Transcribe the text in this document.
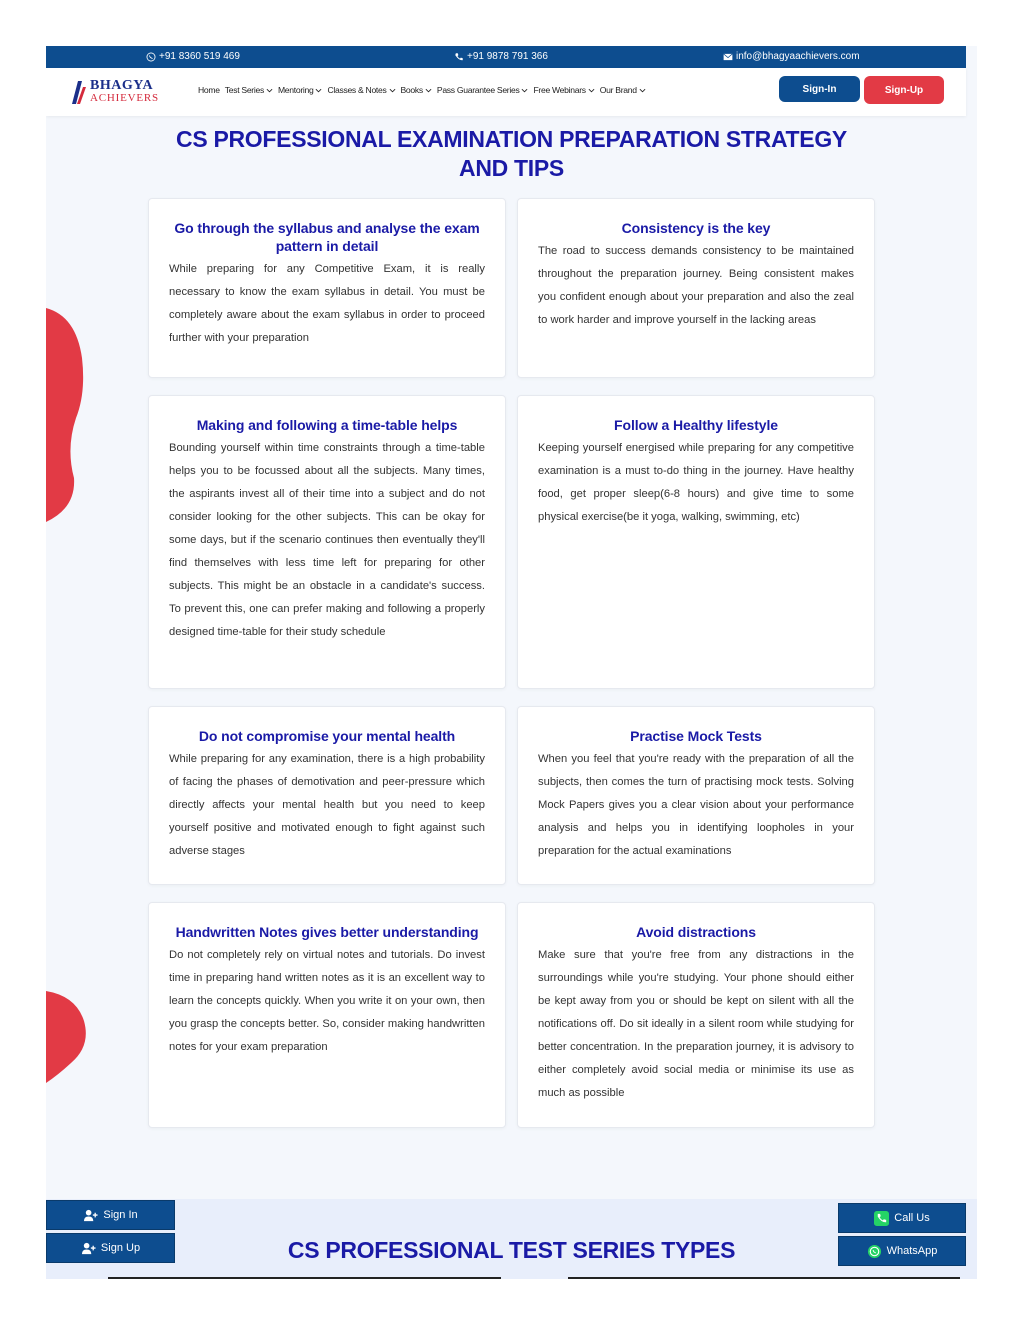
+91 8360 519 469	+91 9878 791 366	info@bhagyaachievers.com
BHAGYA
ACHIEVERS
Home Test Series Mentoring Classes & Notes Books Pass Guarantee Series Free Webinars Our Brand	Sign-In	Sign-Up
CS PROFESSIONAL EXAMINATION PREPARATION STRATEGY
AND TIPS
Go through the syllabus and analyse the exam pattern in detail

While preparing for any Competitive Exam, it is really necessary to know the exam syllabus in detail. You must be completely aware about the exam syllabus in order to proceed further with your preparation

Consistency is the key

The road to success demands consistency to be maintained throughout the preparation journey. Being consistent makes you confident enough about your preparation and also the zeal to work harder and improve yourself in the lacking areas

Making and following a time-table helps

Bounding yourself within time constraints through a time-table helps you to be focussed about all the subjects. Many times, the aspirants invest all of their time into a subject and do not consider looking for the other subjects. This can be okay for some days, but if the scenario continues then eventually they'll find themselves with less time left for preparing for other subjects. This might be an obstacle in a candidate's success. To prevent this, one can prefer making and following a properly designed time-table for their study schedule

Follow a Healthy lifestyle

Keeping yourself energised while preparing for any competitive examination is a must to-do thing in the journey. Have healthy food, get proper sleep(6-8 hours) and give time to some physical exercise(be it yoga, walking, swimming, etc)

Do not compromise your mental health

While preparing for any examination, there is a high probability of facing the phases of demotivation and peer-pressure which directly affects your mental health but you need to keep yourself positive and motivated enough to fight against such adverse stages

Practise Mock Tests

When you feel that you're ready with the preparation of all the subjects, then comes the turn of practising mock tests. Solving Mock Papers gives you a clear vision about your performance analysis and helps you in identifying loopholes in your preparation for the actual examinations

Handwritten Notes gives better understanding

Do not completely rely on virtual notes and tutorials. Do invest time in preparing hand written notes as it is an excellent way to learn the concepts quickly. When you write it on your own, then you grasp the concepts better. So, consider making handwritten notes for your exam preparation

Avoid distractions

Make sure that you're free from any distractions in the surroundings while you're studying. Your phone should either be kept away from you or should be kept on silent with all the notifications off. Do sit ideally in a silent room while studying for better concentration. In the preparation journey, it is advisory to either completely avoid social media or minimise its use as much as possible

CS PROFESSIONAL TEST SERIES TYPES
Sign In
Sign Up
Call Us
WhatsApp
